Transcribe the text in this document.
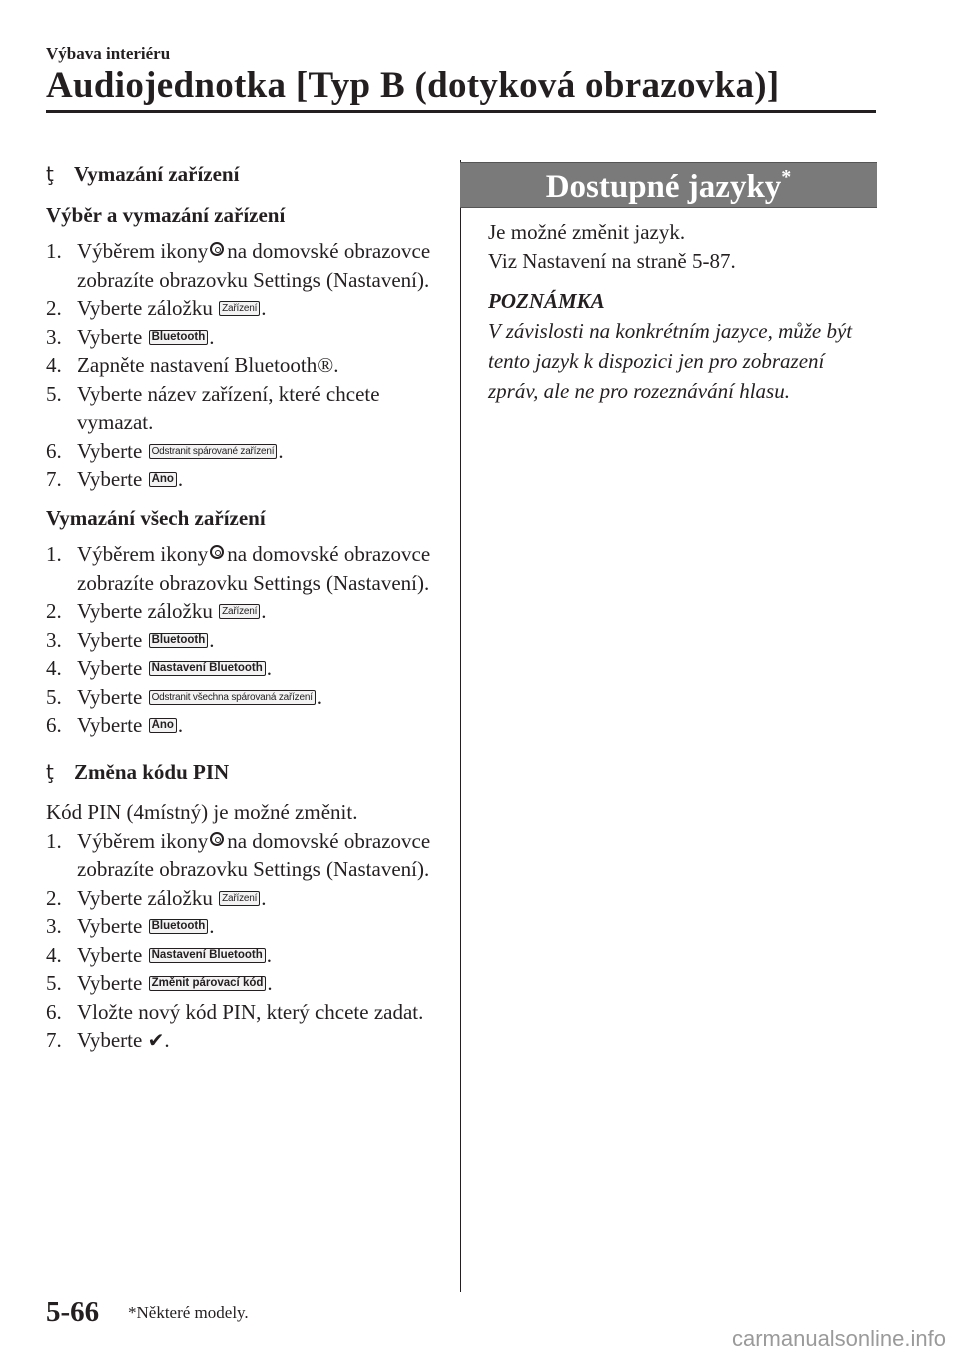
Výbava interiéru
Audiojednotka [Typ B (dotyková obrazovka)]
ţ Vymazání zařízení
Výběr a vymazání zařízení
1. Výběrem ikony na domovské obrazovce zobrazíte obrazovku Settings (Nastavení).
2. Vyberte záložku Zařízení .
3. Vyberte Bluetooth .
4. Zapněte nastavení Bluetooth®.
5. Vyberte název zařízení, které chcete vymazat.
6. Vyberte Odstranit spárované zařízení .
7. Vyberte Ano .
Vymazání všech zařízení
1. Výběrem ikony na domovské obrazovce zobrazíte obrazovku Settings (Nastavení).
2. Vyberte záložku Zařízení .
3. Vyberte Bluetooth .
4. Vyberte Nastavení Bluetooth .
5. Vyberte Odstranit všechna spárovaná zařízení .
6. Vyberte Ano .
ţ Změna kódu PIN
Kód PIN (4místný) je možné změnit.
1. Výběrem ikony na domovské obrazovce zobrazíte obrazovku Settings (Nastavení).
2. Vyberte záložku Zařízení .
3. Vyberte Bluetooth .
4. Vyberte Nastavení Bluetooth .
5. Vyberte Změnit párovací kód .
6. Vložte nový kód PIN, který chcete zadat.
7. Vyberte ✔.
Dostupné jazyky*
Je možné změnit jazyk.
Viz Nastavení na straně 5-87.
POZNÁMKA
V závislosti na konkrétním jazyce, může být tento jazyk k dispozici jen pro zobrazení zpráv, ale ne pro rozeznávání hlasu.
5-66 *Některé modely.
carmanualsonline.info
